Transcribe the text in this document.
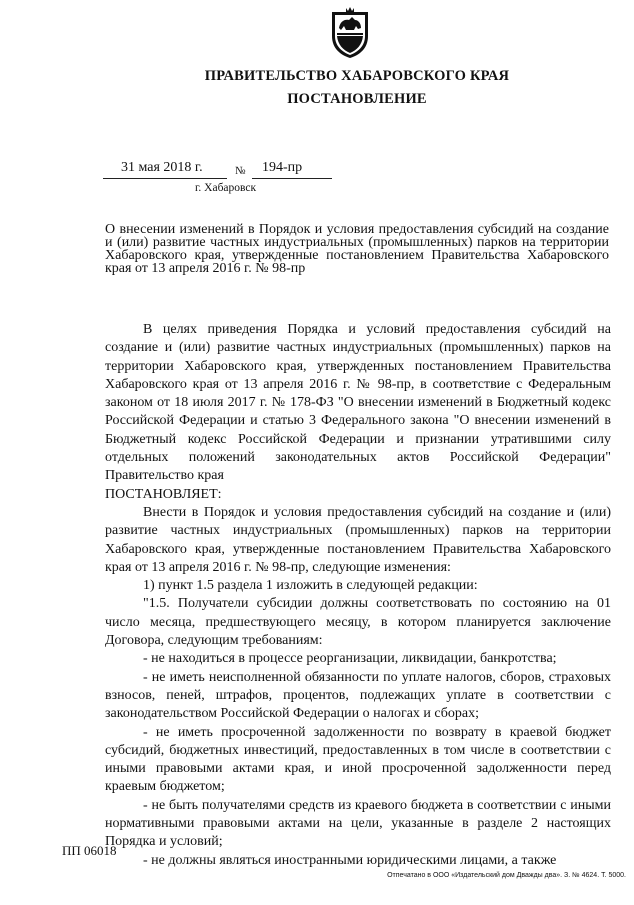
ПРАВИТЕЛЬСТВО ХАБАРОВСКОГО КРАЯ
ПОСТАНОВЛЕНИЕ
31 мая 2018 г.	№ 194-пр
г. Хабаровск
О внесении изменений в Порядок и условия предоставления субсидий на создание и (или) развитие частных индустриальных (промышленных) парков на территории Хабаровского края, утвержденные постановлением Правительства Хабаровского края от 13 апреля 2016 г. № 98-пр

В целях приведения Порядка и условий предоставления субсидий на создание и (или) развитие частных индустриальных (промышленных) парков на территории Хабаровского края, утвержденных постановлением Правительства Хабаровского края от 13 апреля 2016 г. № 98-пр, в соответствие с Федеральным законом от 18 июля 2017 г. № 178-ФЗ "О внесении изменений в Бюджетный кодекс Российской Федерации и статью 3 Федерального закона "О внесении изменений в Бюджетный кодекс Российской Федерации и признании утратившими силу отдельных положений законодательных актов Российской Федерации" Правительство края

ПОСТАНОВЛЯЕТ:

Внести в Порядок и условия предоставления субсидий на создание и (или) развитие частных индустриальных (промышленных) парков на территории Хабаровского края, утвержденные постановлением Правительства Хабаровского края от 13 апреля 2016 г. № 98-пр, следующие изменения:

1) пункт 1.5 раздела 1 изложить в следующей редакции:

"1.5. Получатели субсидии должны соответствовать по состоянию на 01 число месяца, предшествующего месяцу, в котором планируется заключение Договора, следующим требованиям:

- не находиться в процессе реорганизации, ликвидации, банкротства;

- не иметь неисполненной обязанности по уплате налогов, сборов, страховых взносов, пеней, штрафов, процентов, подлежащих уплате в соответствии с законодательством Российской Федерации о налогах и сборах;

- не иметь просроченной задолженности по возврату в краевой бюджет субсидий, бюджетных инвестиций, предоставленных в том числе в соответствии с иными правовыми актами края, и иной просроченной задолженности перед краевым бюджетом;

- не быть получателями средств из краевого бюджета в соответствии с иными нормативными правовыми актами на цели, указанные в разделе 2 настоящих Порядка и условий;

- не должны являться иностранными юридическими лицами, а также

ПП 06018
Отпечатано в ООО «Издательский дом Дважды два». З. № 4624. Т. 5000.
